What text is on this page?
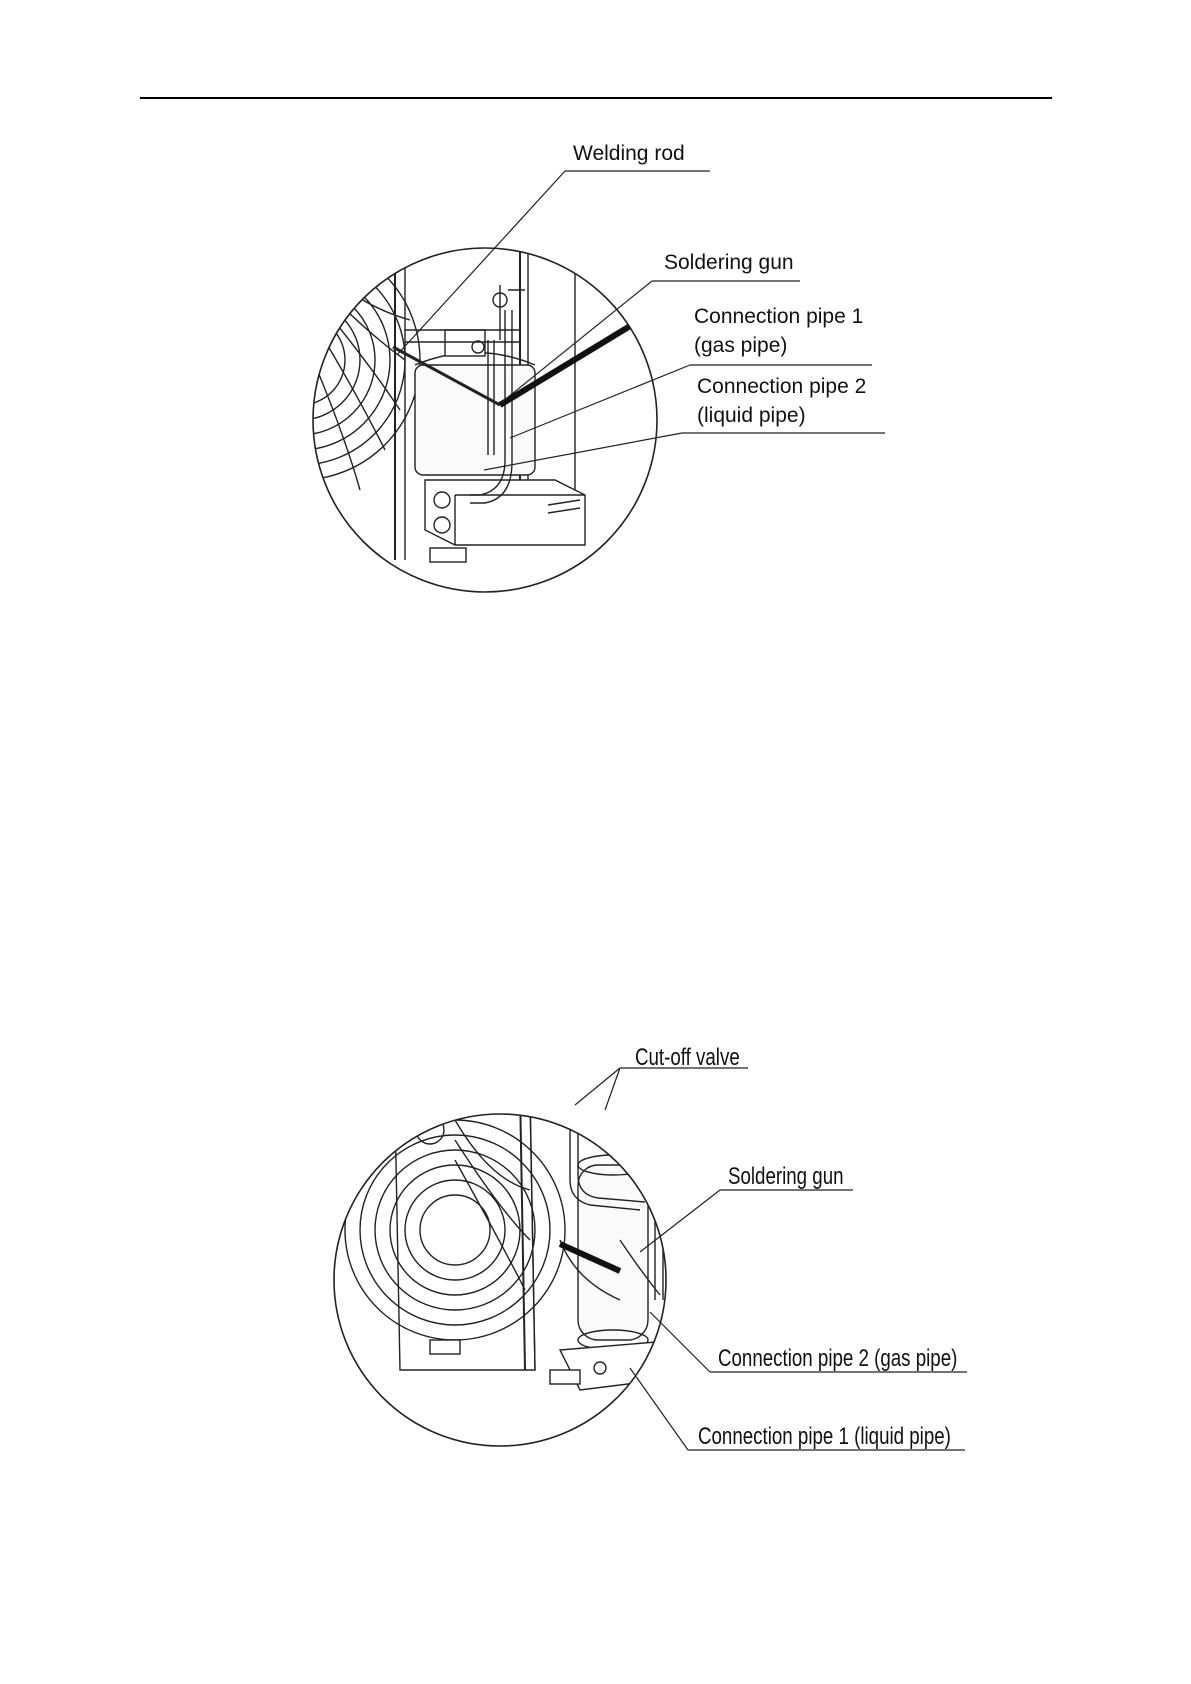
Welding rod
Soldering gun
Connection pipe 1
(gas pipe)
Connection pipe 2
(liquid pipe)
Cut-off valve
Soldering gun
Connection pipe 2 (gas pipe)
Connection pipe 1 (liquid pipe)
